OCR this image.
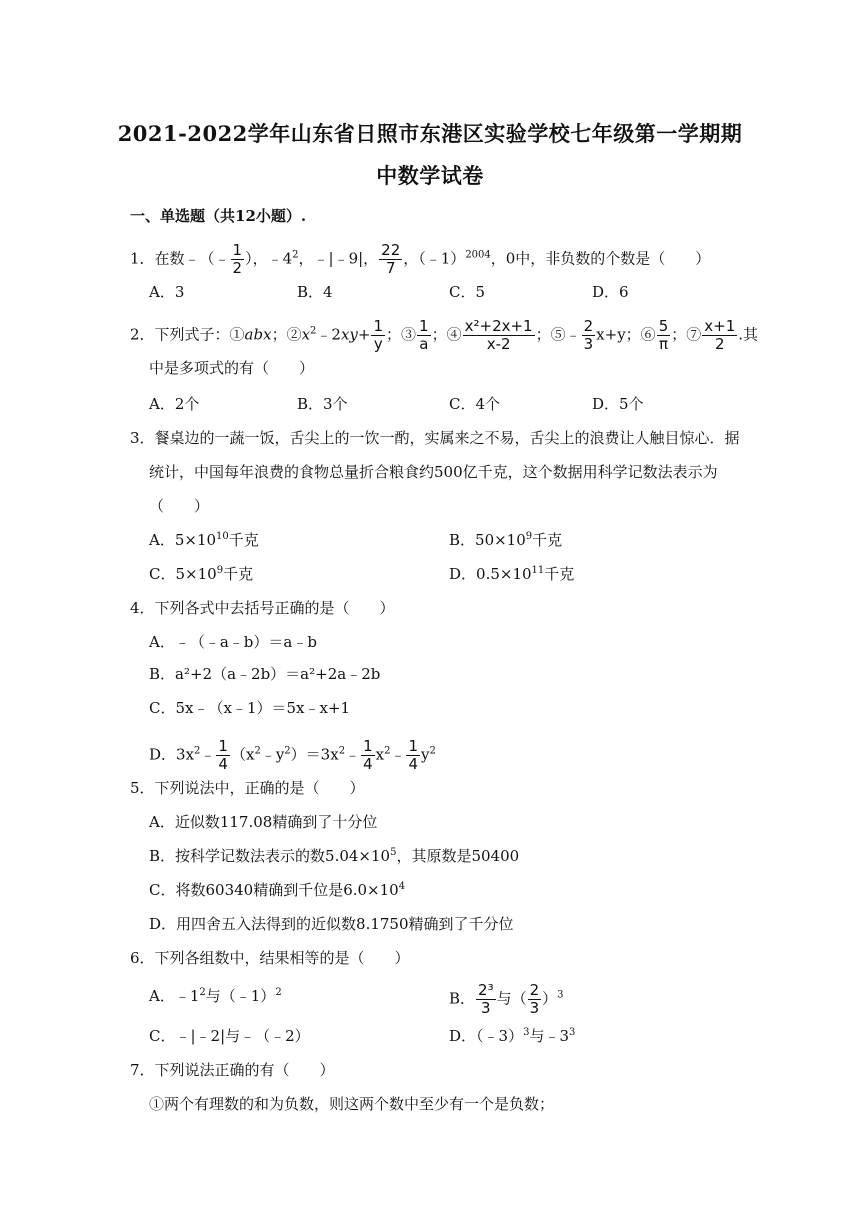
2021-2022学年山东省日照市东港区实验学校七年级第一学期期
中数学试卷
一、单选题（共12小题）.
1．在数﹣（﹣ $\frac{1}{2}$ ），$﹣4^2$，﹣|﹣9|， $\frac{22}{7}$ ，（﹣1）$^{2004}$，0中，非负数的个数是（　　）
A．3	B．4	C．5	D．6
2．下列式子：①abx；$②x^2﹣2xy+ \frac{1}{y}$ ；③ $\frac{1}{a}$ ；④ $\frac{\text{x²+2x+1}}{x-2}$ ；⑤﹣ $\frac{2}{3} x+y$；⑥ $\frac{5}{\pi}$ ；⑦ $\frac{x+1}{2}$ .其
中是多项式的有（　　）
A．2个	B．3个	C．4个	D．5个
3．餐桌边的一蔬一饭，舌尖上的一饮一酌，实属来之不易，舌尖上的浪费让人触目惊心．据
统计，中国每年浪费的食物总量折合粮食约500亿千克，这个数据用科学记数法表示为
（　　）
A．$5\times 10^{10}$千克	B．$50\times 10^9$千克
C．$5\times 10^9$千克	D．$0.5\times 10^{11}$千克
4．下列各式中去括号正确的是（　　）
A．﹣（﹣a﹣b）＝a﹣b
B．a²+2（a﹣2b）＝a²+2a﹣2b
C．5x﹣（x﹣1）＝5x﹣x+1
D．$3x^2﹣ \frac{1}{4}$ $(x^2﹣y^2)=3x^2﹣ \frac{1}{4}$ $x^2﹣ \frac{1}{4} y^2$
5．下列说法中，正确的是（　　）
A．近似数117.08精确到了十分位
B．按科学记数法表示的数$5.04\times 10^5$，其原数是50400
C．将数60340精确到千位是$6.0\times 10^4$
D．用四舍五入法得到的近似数8.1750精确到了千分位
6．下列各组数中，结果相等的是（　　）
A．$﹣1^2$与（﹣1）$^2$	B． $\frac{\text{2³}}{3}$ 与（ $\frac{2}{3} )^3$
C．﹣|﹣2|与﹣（﹣2）	D．（﹣3）$^3$与$﹣3^3$
7．下列说法正确的有（　　）
①两个有理数的和为负数，则这两个数中至少有一个是负数；
